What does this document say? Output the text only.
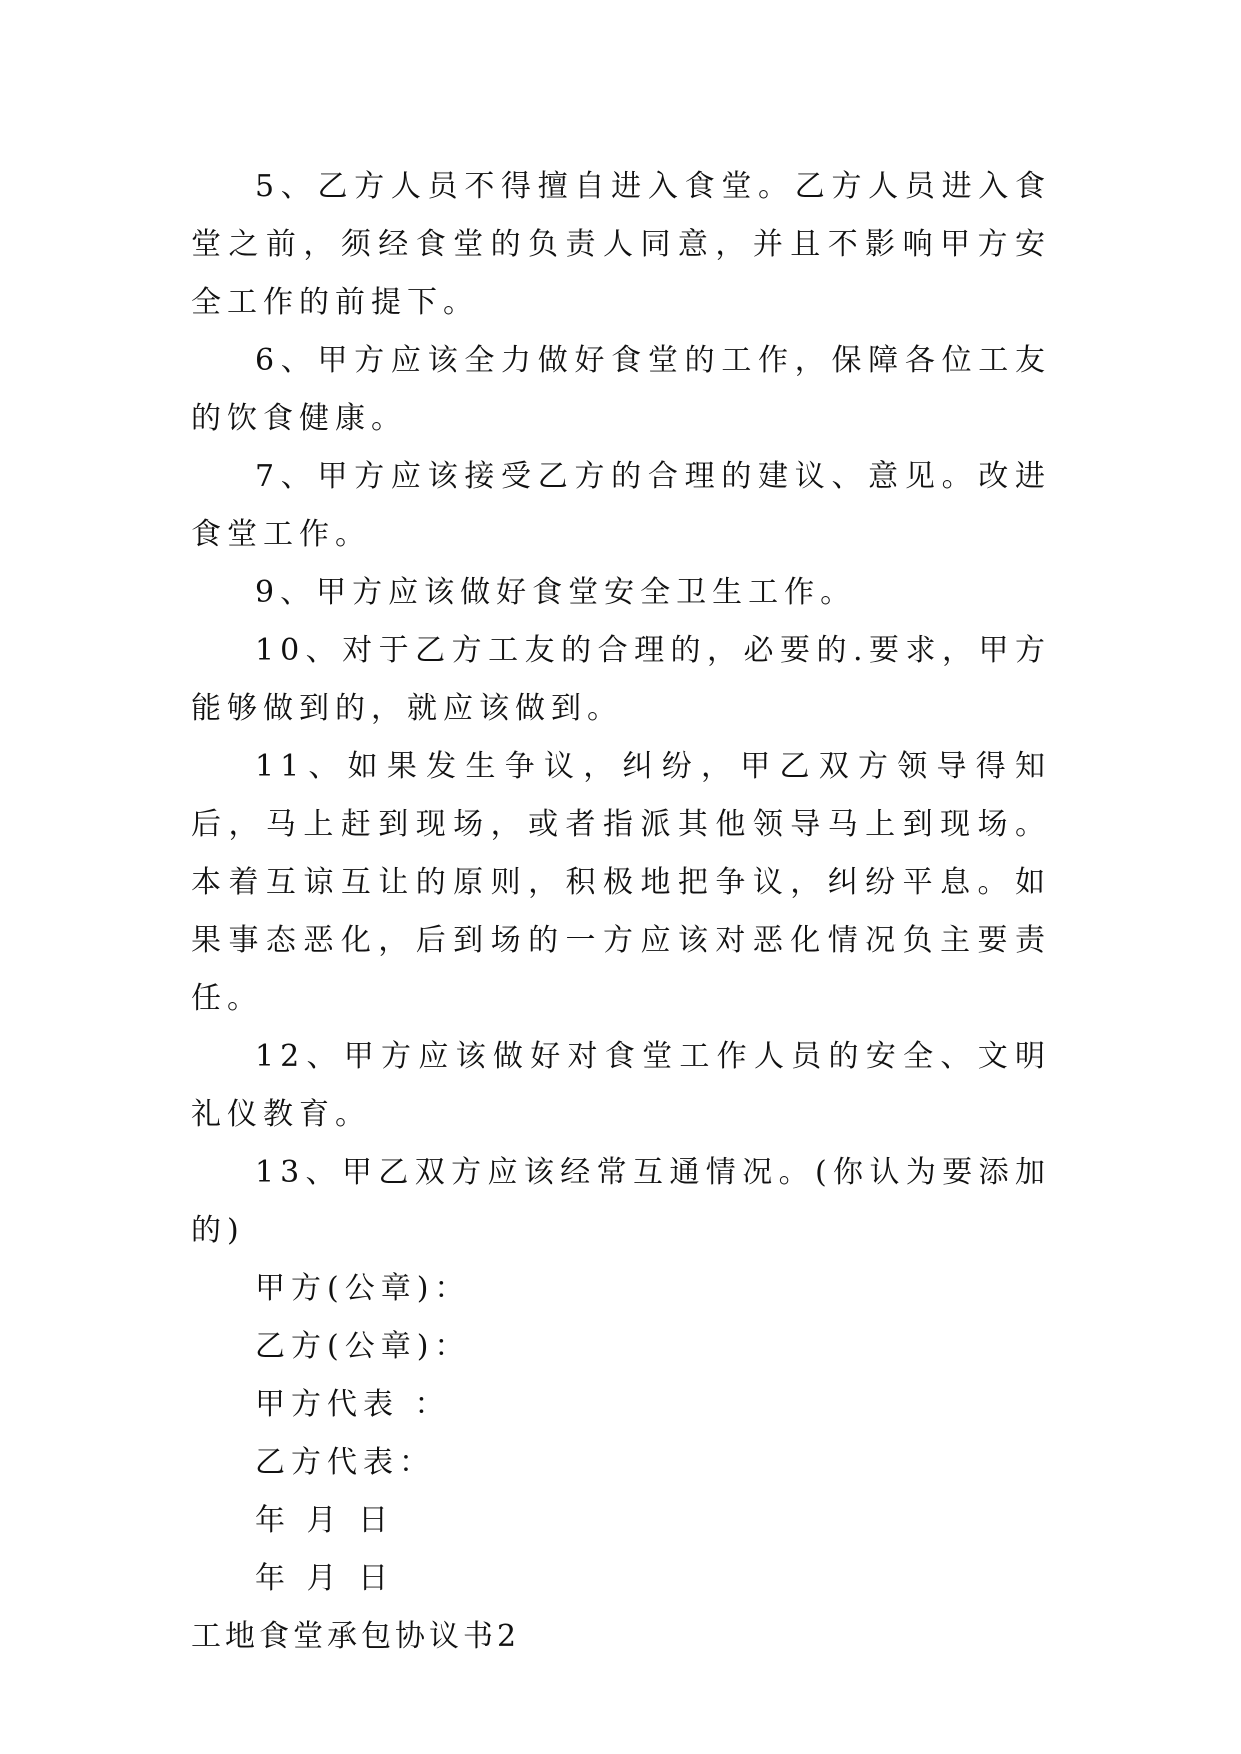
5、乙方人员不得擅自进入食堂。乙方人员进入食堂之前，须经食堂的负责人同意，并且不影响甲方安全工作的前提下。

6、甲方应该全力做好食堂的工作，保障各位工友的饮食健康。

7、甲方应该接受乙方的合理的建议、意见。改进食堂工作。

9、甲方应该做好食堂安全卫生工作。

10、对于乙方工友的合理的，必要的.要求，甲方能够做到的，就应该做到。

11、如果发生争议，纠纷，甲乙双方领导得知后，马上赶到现场，或者指派其他领导马上到现场。本着互谅互让的原则，积极地把争议，纠纷平息。如果事态恶化，后到场的一方应该对恶化情况负主要责任。

12、甲方应该做好对食堂工作人员的安全、文明礼仪教育。

13、甲乙双方应该经常互通情况。(你认为要添加的)

甲方(公章)：

乙方(公章)：

甲方代表 ：

乙方代表：

年 月 日

年 月 日

工地食堂承包协议书2
